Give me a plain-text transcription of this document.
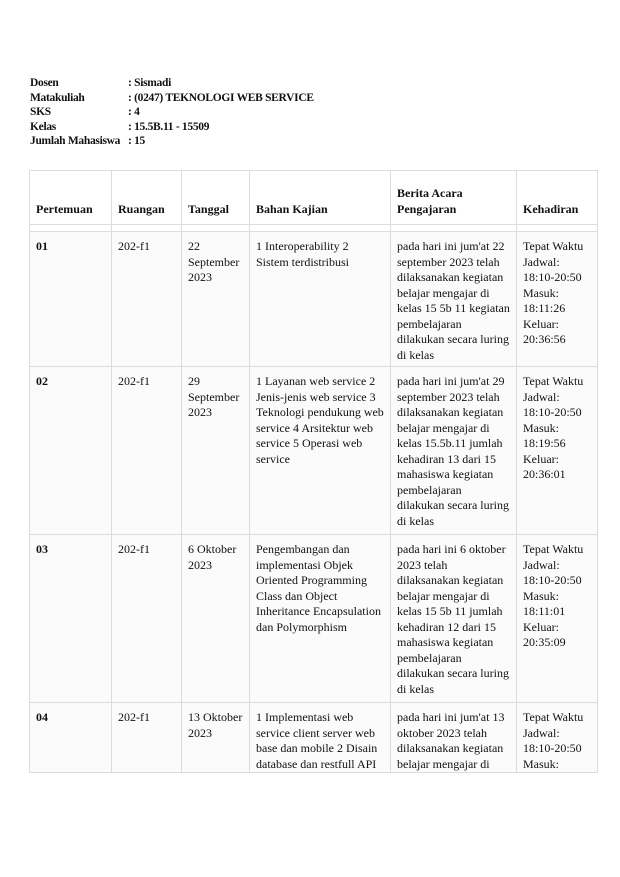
Dosen	: Sismadi
Matakuliah	: (0247) TEKNOLOGI WEB SERVICE
SKS	: 4
Kelas	: 15.5B.11 - 15509
Jumlah Mahasiswa : 15
Pertemuan	Ruangan	Tanggal	Bahan Kajian	Berita Acara Pengajaran	Kehadiran

01	202-f1	22 September 2023	1 Interoperability 2 Sistem terdistribusi	pada hari ini jum'at 22 september 2023 telah dilaksanakan kegiatan belajar mengajar di kelas 15 5b 11 kegiatan pembelajaran dilakukan secara luring di kelas	Tepat Waktu
Jadwal: 18:10-20:50
Masuk: 18:11:26
Keluar: 20:36:56

02	202-f1	29 September 2023	1 Layanan web service 2 Jenis-jenis web service 3 Teknologi pendukung web service 4 Arsitektur web service 5 Operasi web service	pada hari ini jum'at 29 september 2023 telah dilaksanakan kegiatan belajar mengajar di kelas 15.5b.11 jumlah kehadiran 13 dari 15 mahasiswa kegiatan pembelajaran dilakukan secara luring di kelas	Tepat Waktu
Jadwal: 18:10-20:50
Masuk: 18:19:56
Keluar: 20:36:01

03	202-f1	6 Oktober 2023	Pengembangan dan implementasi Objek Oriented Programming Class dan Object Inheritance Encapsulation dan Polymorphism	pada hari ini 6 oktober 2023 telah dilaksanakan kegiatan belajar mengajar di kelas 15 5b 11 jumlah kehadiran 12 dari 15 mahasiswa kegiatan pembelajaran dilakukan secara luring di kelas	Tepat Waktu
Jadwal: 18:10-20:50
Masuk: 18:11:01
Keluar: 20:35:09

04	202-f1	13 Oktober 2023	1 Implementasi web service client server web base dan mobile 2 Disain database dan restfull API	pada hari ini jum'at 13 oktober 2023 telah dilaksanakan kegiatan belajar mengajar di	Tepat Waktu
Jadwal: 18:10-20:50
Masuk:
